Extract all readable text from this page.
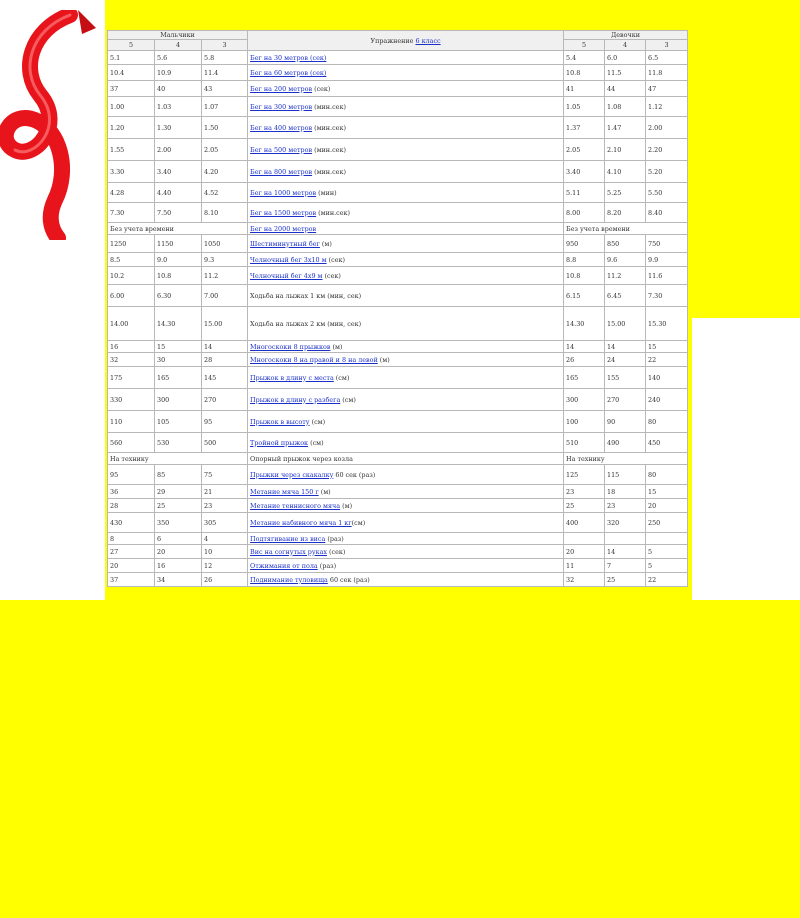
Мальчики			Упражнение 6 класс	Девочки		
5	4	3		5	4	3
5.1	5.6	5.8	Бег на 30 метров (сек)	5.4	6.0	6.5
10.4	10.9	11.4	Бег на 60 метров (сек)	10.8	11.5	11.8
37	40	43	Бег на 200 метров (сек)	41	44	47
1.00	1.03	1.07	Бег на 300 метров (мин.сек)	1.05	1.08	1.12
1.20	1.30	1.50	Бег на 400 метров (мин.сек)	1.37	1.47	2.00
1.55	2.00	2.05	Бег на 500 метров (мин.сек)	2.05	2.10	2.20
3.30	3.40	4.20	Бег на 800 метров (мин.сек)	3.40	4.10	5.20
4.28	4.40	4.52	Бег на 1000 метров (мин)	5.11	5.25	5.50
7.30	7.50	8.10	Бег на 1500 метров (мин.сек)	8.00	8.20	8.40
Без учета времени			Бег на 2000 метров	Без учета времени		
1250	1150	1050	Шестиминутный бег (м)	950	850	750
8.5	9.0	9.3	Челночный бег 3х10 м (сек)	8.8	9.6	9.9
10.2	10.8	11.2	Челночный бег 4х9 м (сек)	10.8	11.2	11.6
6.00	6.30	7.00	Ходьба на лыжах 1 км (мин, сек)	6.15	6.45	7.30
14.00	14.30	15.00	Ходьба на лыжах 2 км (мин, сек)	14.30	15.00	15.30
16	15	14	Многоскоки 8 прыжков (м)	14	14	15
32	30	28	Многоскоки 8 на правой и 8 на левой (м)	26	24	22
175	165	145	Прыжок в длину с места (см)	165	155	140
330	300	270	Прыжок в длину с разбега (см)	300	270	240
110	105	95	Прыжок в высоту (см)	100	90	80
560	530	500	Тройной прыжок (см)	510	490	450
На технику			Опорный прыжок через козла	На технику		
95	85	75	Прыжки через скакалку 60 сек (раз)	125	115	80
36	29	21	Метание мяча 150 г (м)	23	18	15
28	25	23	Метание теннисного мяча (м)	25	23	20
430	350	305	Метание набивного мяча 1 кг(см)	400	320	250
8	6	4	Подтягивание из виса (раз)			
27	20	10	Вис на согнутых руках (сек)	20	14	5
20	16	12	Отжимания от пола (раз)	11	7	5
37	34	26	Поднимание туловища 60 сек (раз)	32	25	22
